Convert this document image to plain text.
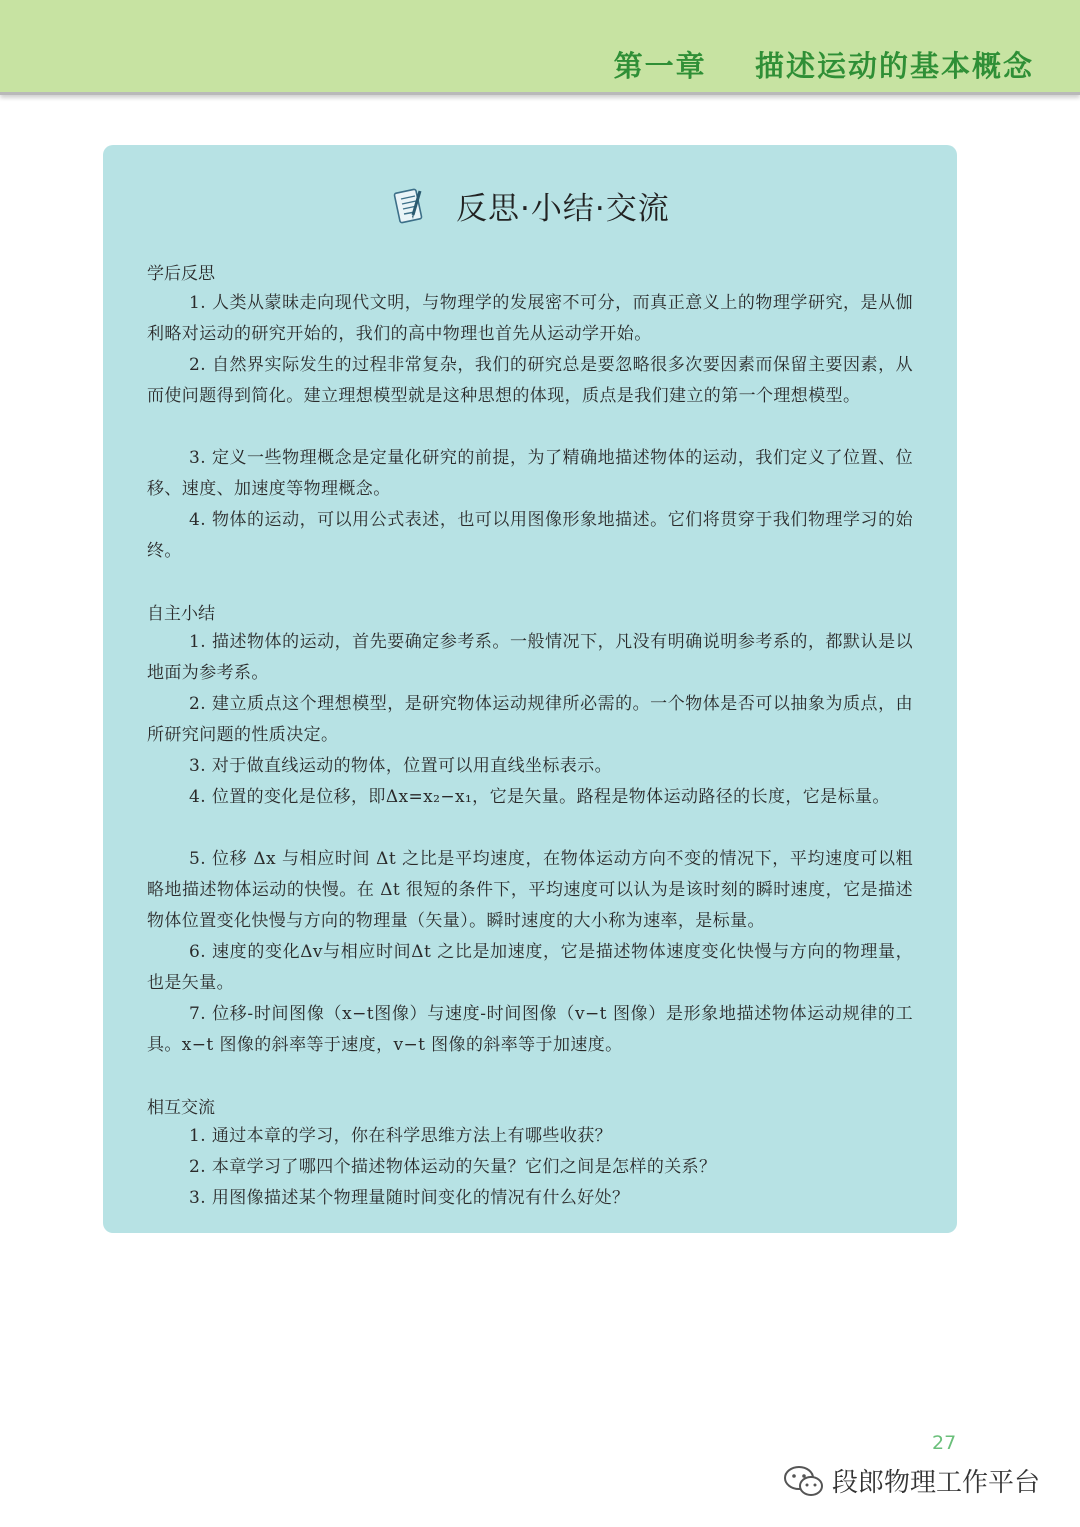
第一章    描述运动的基本概念
反思·小结·交流
学后反思
1. 人类从蒙昧走向现代文明，与物理学的发展密不可分，而真正意义上的物理学研究，是从伽利略对运动的研究开始的，我们的高中物理也首先从运动学开始。
2. 自然界实际发生的过程非常复杂，我们的研究总是要忽略很多次要因素而保留主要因素，从而使问题得到简化。建立理想模型就是这种思想的体现，质点是我们建立的第一个理想模型。
3. 定义一些物理概念是定量化研究的前提，为了精确地描述物体的运动，我们定义了位置、位移、速度、加速度等物理概念。
4. 物体的运动，可以用公式表述，也可以用图像形象地描述。它们将贯穿于我们物理学习的始终。
自主小结
1. 描述物体的运动，首先要确定参考系。一般情况下，凡没有明确说明参考系的，都默认是以地面为参考系。
2. 建立质点这个理想模型，是研究物体运动规律所必需的。一个物体是否可以抽象为质点，由所研究问题的性质决定。
3. 对于做直线运动的物体，位置可以用直线坐标表示。
4. 位置的变化是位移，即Δx=x₂−x₁，它是矢量。路程是物体运动路径的长度，它是标量。
5. 位移 Δx 与相应时间 Δt 之比是平均速度，在物体运动方向不变的情况下，平均速度可以粗略地描述物体运动的快慢。在 Δt 很短的条件下，平均速度可以认为是该时刻的瞬时速度，它是描述物体位置变化快慢与方向的物理量（矢量）。瞬时速度的大小称为速率，是标量。
6. 速度的变化Δv与相应时间Δt 之比是加速度，它是描述物体速度变化快慢与方向的物理量，也是矢量。
7. 位移-时间图像（x−t图像）与速度-时间图像（v−t 图像）是形象地描述物体运动规律的工具。x−t 图像的斜率等于速度，v−t 图像的斜率等于加速度。
相互交流
1. 通过本章的学习，你在科学思维方法上有哪些收获？
2. 本章学习了哪四个描述物体运动的矢量？它们之间是怎样的关系？
3. 用图像描述某个物理量随时间变化的情况有什么好处？
27
段郎物理工作平台
